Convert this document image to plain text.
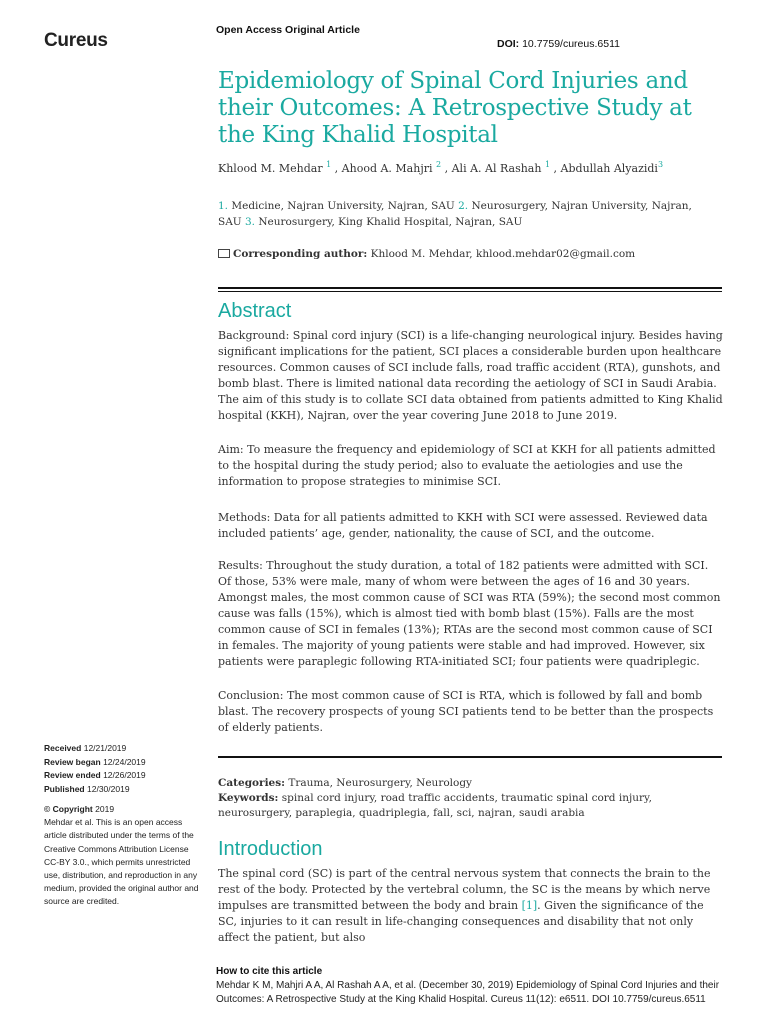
Cureus	Open Access Original Article
DOI: 10.7759/cureus.6511
Epidemiology of Spinal Cord Injuries and their Outcomes: A Retrospective Study at the King Khalid Hospital
Khlood M. Mehdar $^1$ , Ahood A. Mahjri $^2$ , Ali A. Al Rashah $^1$ , Abdullah Alyazidi$^3$
1. Medicine, Najran University, Najran, SAU 2. Neurosurgery, Najran University, Najran, SAU 3. Neurosurgery, King Khalid Hospital, Najran, SAU
Corresponding author: Khlood M. Mehdar, khlood.mehdar02@gmail.com
Abstract

Background: Spinal cord injury (SCI) is a life-changing neurological injury. Besides having significant implications for the patient, SCI places a considerable burden upon healthcare resources. Common causes of SCI include falls, road traffic accident (RTA), gunshots, and bomb blast. There is limited national data recording the aetiology of SCI in Saudi Arabia. The aim of this study is to collate SCI data obtained from patients admitted to King Khalid hospital (KKH), Najran, over the year covering June 2018 to June 2019.

Aim: To measure the frequency and epidemiology of SCI at KKH for all patients admitted to the hospital during the study period; also to evaluate the aetiologies and use the information to propose strategies to minimise SCI.

Methods: Data for all patients admitted to KKH with SCI were assessed. Reviewed data included patients’ age, gender, nationality, the cause of SCI, and the outcome.

Results: Throughout the study duration, a total of 182 patients were admitted with SCI. Of those, 53% were male, many of whom were between the ages of 16 and 30 years. Amongst males, the most common cause of SCI was RTA (59%); the second most common cause was falls (15%), which is almost tied with bomb blast (15%). Falls are the most common cause of SCI in females (13%); RTAs are the second most common cause of SCI in females. The majority of young patients were stable and had improved. However, six patients were paraplegic following RTA-initiated SCI; four patients were quadriplegic.

Conclusion: The most common cause of SCI is RTA, which is followed by fall and bomb blast. The recovery prospects of young SCI patients tend to be better than the prospects of elderly patients.

Received 12/21/2019
Review began 12/24/2019
Review ended 12/26/2019
Published 12/30/2019
© Copyright 2019
Mehdar et al. This is an open access article distributed under the terms of the Creative Commons Attribution License CC-BY 3.0., which permits unrestricted use, distribution, and reproduction in any medium, provided the original author and source are credited.
Categories: Trauma, Neurosurgery, Neurology
Keywords: spinal cord injury, road traffic accidents, traumatic spinal cord injury, neurosurgery, paraplegia, quadriplegia, fall, sci, najran, saudi arabia
Introduction

The spinal cord (SC) is part of the central nervous system that connects the brain to the rest of the body. Protected by the vertebral column, the SC is the means by which nerve impulses are transmitted between the body and brain [1]. Given the significance of the SC, injuries to it can result in life-changing consequences and disability that not only affect the patient, but also

How to cite this article
Mehdar K M, Mahjri A A, Al Rashah A A, et al. (December 30, 2019) Epidemiology of Spinal Cord Injuries and their Outcomes: A Retrospective Study at the King Khalid Hospital. Cureus 11(12): e6511. DOI 10.7759/cureus.6511
